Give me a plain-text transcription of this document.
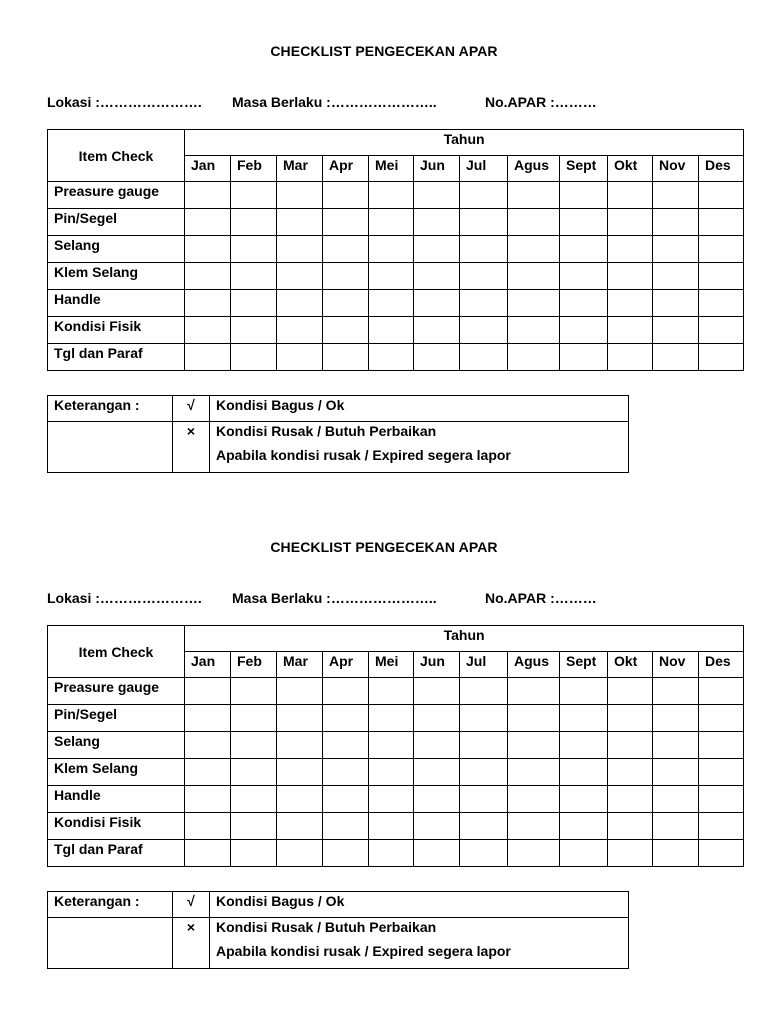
CHECKLIST PENGECEKAN APAR
Lokasi :…………………. Masa Berlaku :…………………..	No.APAR :………
Item Check	Tahun											
	Jan	Feb	Mar	Apr	Mei	Jun	Jul	Agus	Sept	Okt	Nov	Des
Preasure gauge												
Pin/Segel												
Selang												
Klem Selang												
Handle												
Kondisi Fisik												
Tgl dan Paraf												
Keterangan :	√	Kondisi Bagus / Ok
	×	Kondisi Rusak / Butuh Perbaikan
Apabila kondisi rusak / Expired segera lapor
CHECKLIST PENGECEKAN APAR
Lokasi :…………………. Masa Berlaku :…………………..	No.APAR :………
Item Check	Tahun											
	Jan	Feb	Mar	Apr	Mei	Jun	Jul	Agus	Sept	Okt	Nov	Des
Preasure gauge												
Pin/Segel												
Selang												
Klem Selang												
Handle												
Kondisi Fisik												
Tgl dan Paraf												
Keterangan :	√	Kondisi Bagus / Ok
	×	Kondisi Rusak / Butuh Perbaikan
Apabila kondisi rusak / Expired segera lapor
